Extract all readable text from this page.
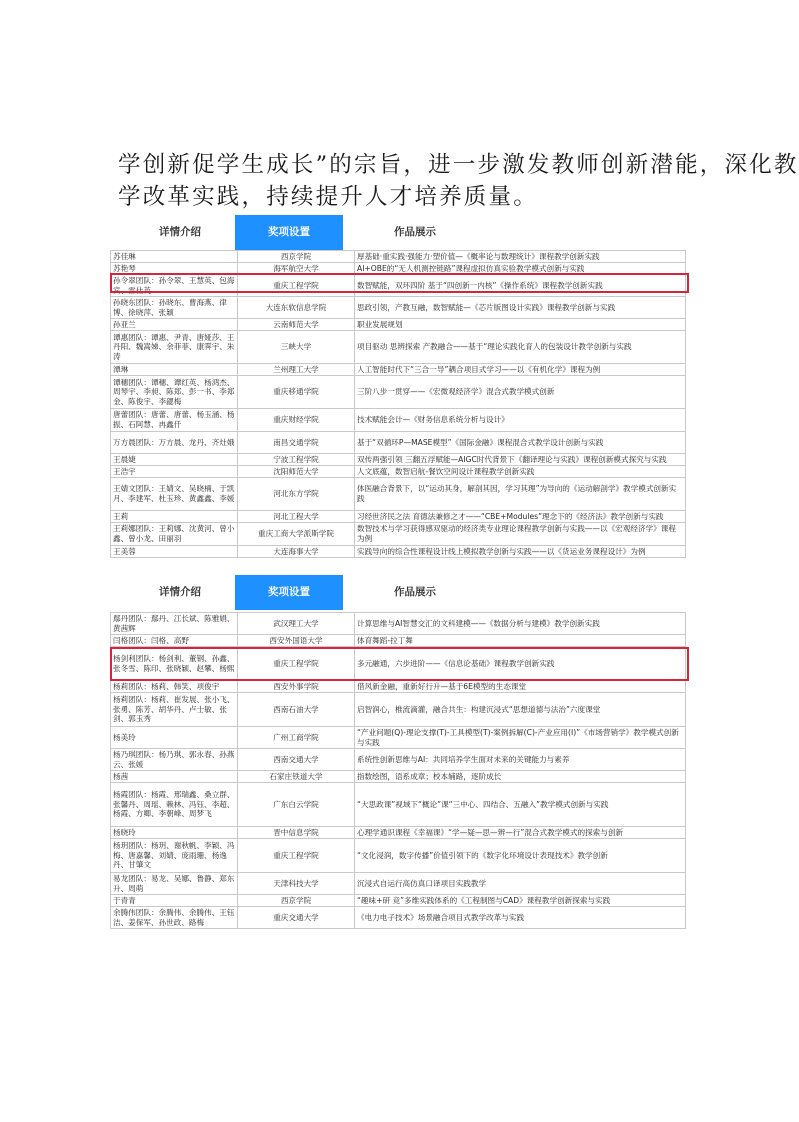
学创新促学生成长”的宗旨，进一步激发教师创新潜能，深化教
学改革实践，持续提升人才培养质量。
详情介绍	奖项设置	作品展示
苏佳琳	西京学院	厚基础·重实践·强能力·塑价值—《概率论与数理统计》课程教学创新实践
苏艳琴	海军航空大学	AI+OBE的“无人机测控链路”课程虚拟仿真实验教学模式创新与实践
孙令翠团队：孙令翠、王慧英、包海宾、雷仕英	重庆工程学院	数智赋能，双环四阶 基于“四创新一内核”《操作系统》课程教学创新实践
孙晓东团队：孙晓东、曹海燕、律博、徐晓萍、张颖	大连东软信息学院	思政引领，产教互融，数智赋能—《芯片版图设计实践》课程教学创新与实践
孙亚兰	云南师范大学	职业发展规划
谭惠团队：谭惠、尹青、唐娅莎、王丹阳、魏嵩娣、余菲菲、康霁宇、朱涛	三峡大学	项目驱动 思辨探索 产教融合——基于“理论实践化育人的包装设计教学创新与实践
潭琳	兰州理工大学	人工智能时代下“三合一导”耦合项目式学习——以《有机化学》课程为例
谭穗团队：谭穗、谭红英、杨鸿杰、周琴宇、李昶、陈郑、彭一书、李郑金、陈俊宇、李勰梅	重庆移通学院	三阶八步一贯穿——《宏微观经济学》混合式教学模式创新
唐蕾团队：唐蕾、唐蕾、杨玉涵、杨振、石阿慧、冉鑫仟	重庆财经学院	技术赋能会计—《财务信息系统分析与设计》
万方晨团队：万方晨、龙丹、齐灶娥	南昌交通学院	基于“双循环P—MASE模型”《国际金融》课程混合式教学设计创新与实践
王晨婕	宁波工程学院	双传两强引领 三翻五浮赋能—AIGC时代背景下《翻译理论与实践》课程创新模式探究与实践
王浩宇	沈阳师范大学	人文底蕴，数智启航-餐饮空间设计课程教学创新实践
王婧文团队：王婧文、吴晓楠、于凯月、李建军、杜玉珍、黄鑫鑫、李媛	河北东方学院	体医融合背景下，以“运动其身，解剖其因，学习其理”为导向的《运动解剖学》教学模式创新实践
王莉	河北工程大学	习经世济民之法 育德法兼修之才——“CBE+Modules”理念下的《经济法》教学创新与实践
王莉娜团队：王莉娜、沈黄河、曾小鑫、曾小龙、田丽羽	重庆工商大学派斯学院	数智技术与学习获得感双驱动的经济类专业理论课程教学创新与实践——以《宏观经济学》课程为例
王美蓉	大连海事大学	实践导向的综合性课程设计线上模拟教学创新与实践——以《货运业务课程设计》为例
详情介绍	奖项设置	作品展示
鄢丹团队：鄢丹、江长斌、陈雅娟、黄茜辉	武汉理工大学	计算思维与AI智慧交汇的文科建模——《数据分析与建模》教学创新实践
闫格团队：闫格、高野	西安外国语大学	体育舞蹈-拉丁舞
杨剑利团队：杨剑利、董钢、孙鑫、张冬雪、陈印、张晓颖、赵攀、杨熙	重庆工程学院	多元融通，六步进阶——《信息论基础》课程教学创新实践
杨莉团队：杨莉、韩笑、项俊宇	西安外事学院	借风新金融，重新好行升—基于6E模型的生态课堂
杨莉团队：杨莉、崔发展、张小飞、张勇、陈芳、胡华丹、卢士敏、张剑、郭玉秀	西南石油大学	启智润心，椎流滴灌，融合共生：构建沉浸式“思想道德与法治”六度课堂
杨美玲	广州工商学院	“产业问题(Q)-理论支撑(T)-工具模型(T)-案例拆解(C)-产业应用(I)”《市场营销学》教学模式创新与实践
杨乃琪团队：杨乃琪、郭永春、孙燕云、张媛	西南交通大学	系统性创新思维与AI：共同培养学生面对未来的关键能力与素养
杨茜	石家庄铁道大学	指数绘图，语系成章；校本辅路，逐阶成长
杨霞团队：杨霞、邢瑞鑫、桑立群、张馨丹、周瑶、赖林、冯钰、李超、杨霞、方卿、李朝峰、周梦飞	广东白云学院	“大思政课”视域下“概论”课“三中心、四结合、五融入”教学模式创新与实践
杨晓玲	晋中信息学院	心理学通识课程《幸福课》“学—疑—思—辨—行”混合式教学模式的探索与创新
杨玥团队：杨玥、谢秋帆、李颖、冯梅、唐嘉馨、刘婧、庞雨珊、杨逸丹、甘肇文	重庆工程学院	“文化浸润，数字传播”价值引领下的《数字化环境设计表现技术》教学创新
易龙团队：易龙、吴娜、鲁静、郑东升、周萌	天津科技大学	沉浸式自运行高仿真口译项目实践教学
于青青	西京学院	“趣味+研 竞”多维实践体系的《工程制图与CAD》课程教学创新探索与实践
余腾伟团队：余腾伟、余腾伟、王钰洁、姜保军、孙世政、路梅	重庆交通大学	《电力电子技术》场景融合项目式教学改革与实践
